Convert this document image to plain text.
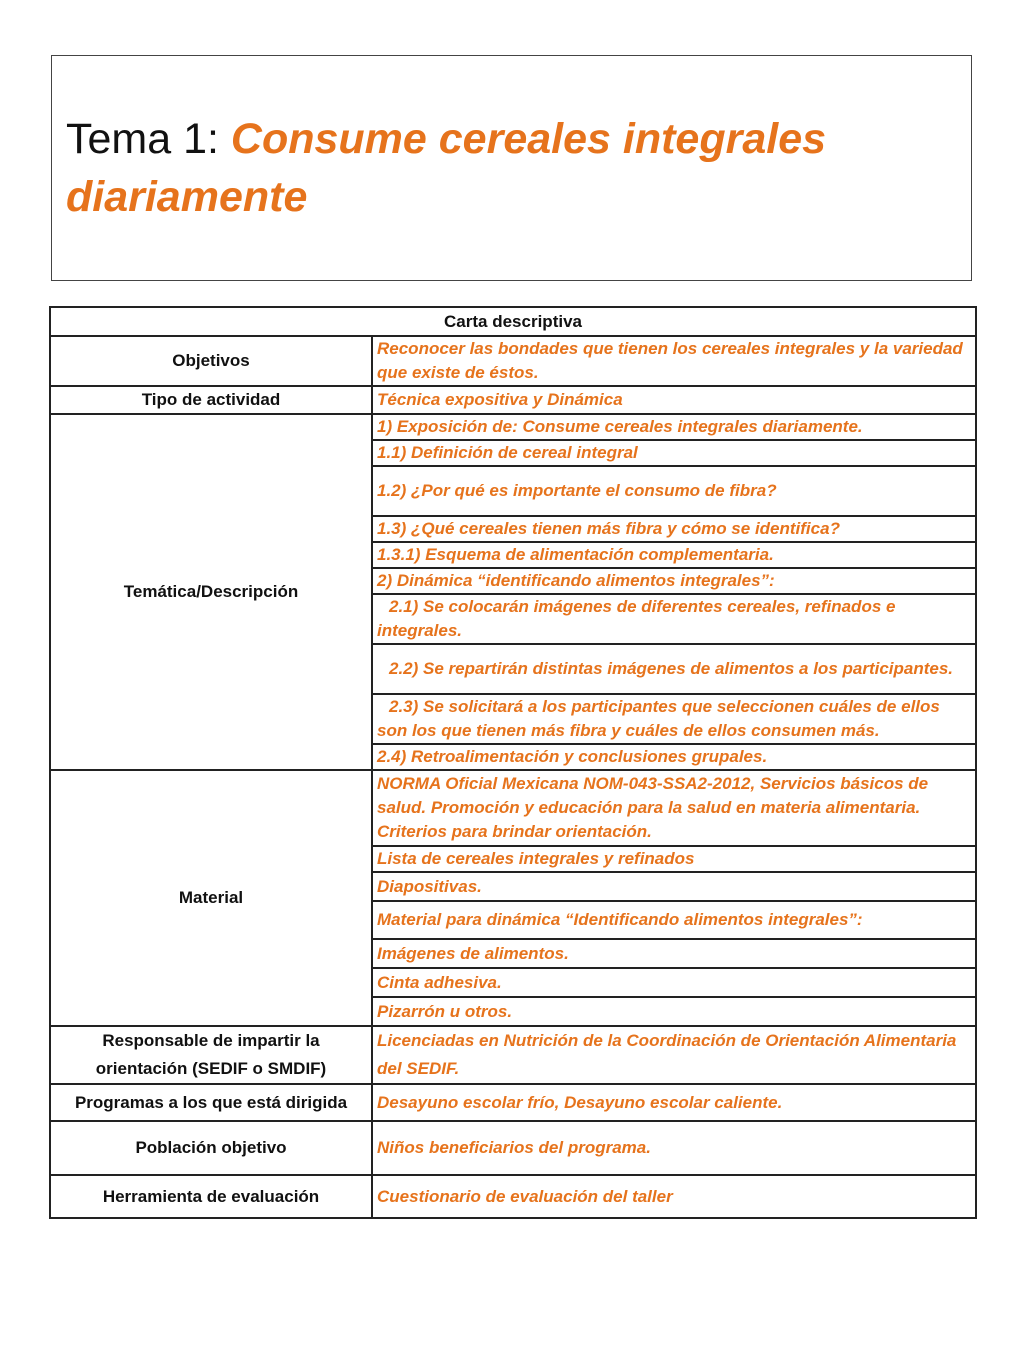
Tema 1: Consume cereales integrales diariamente
Carta descriptiva	
Objetivos	Reconocer las bondades que tienen los cereales integrales y la variedad que existe de éstos.
Tipo de actividad	Técnica expositiva y Dinámica
Temática/Descripción	1) Exposición de: Consume cereales integrales diariamente.
	1.1) Definición de cereal integral
	1.2) ¿Por qué es importante el consumo de fibra?
	1.3) ¿Qué cereales tienen más fibra y cómo se identifica?
	1.3.1) Esquema de alimentación complementaria.
	2) Dinámica “identificando alimentos integrales”:
	2.1) Se colocarán imágenes de diferentes cereales, refinados e integrales.
	2.2) Se repartirán distintas imágenes de alimentos a los participantes.
	2.3) Se solicitará a los participantes que seleccionen cuáles de ellos son los que tienen más fibra y cuáles de ellos consumen más.
	2.4) Retroalimentación y conclusiones grupales.
Material	NORMA Oficial Mexicana NOM-043-SSA2-2012, Servicios básicos de salud. Promoción y educación para la salud en materia alimentaria. Criterios para brindar orientación.
	Lista de cereales integrales y refinados
	Diapositivas.
	Material para dinámica “Identificando alimentos integrales”:
	Imágenes de alimentos.
	Cinta adhesiva.
	Pizarrón u otros.
Responsable de impartir la orientación (SEDIF o SMDIF)	Licenciadas en Nutrición de la Coordinación de Orientación Alimentaria del SEDIF.
Programas a los que está dirigida	Desayuno escolar frío, Desayuno escolar caliente.
Población objetivo	Niños beneficiarios del programa.
Herramienta de evaluación	Cuestionario de evaluación del taller
